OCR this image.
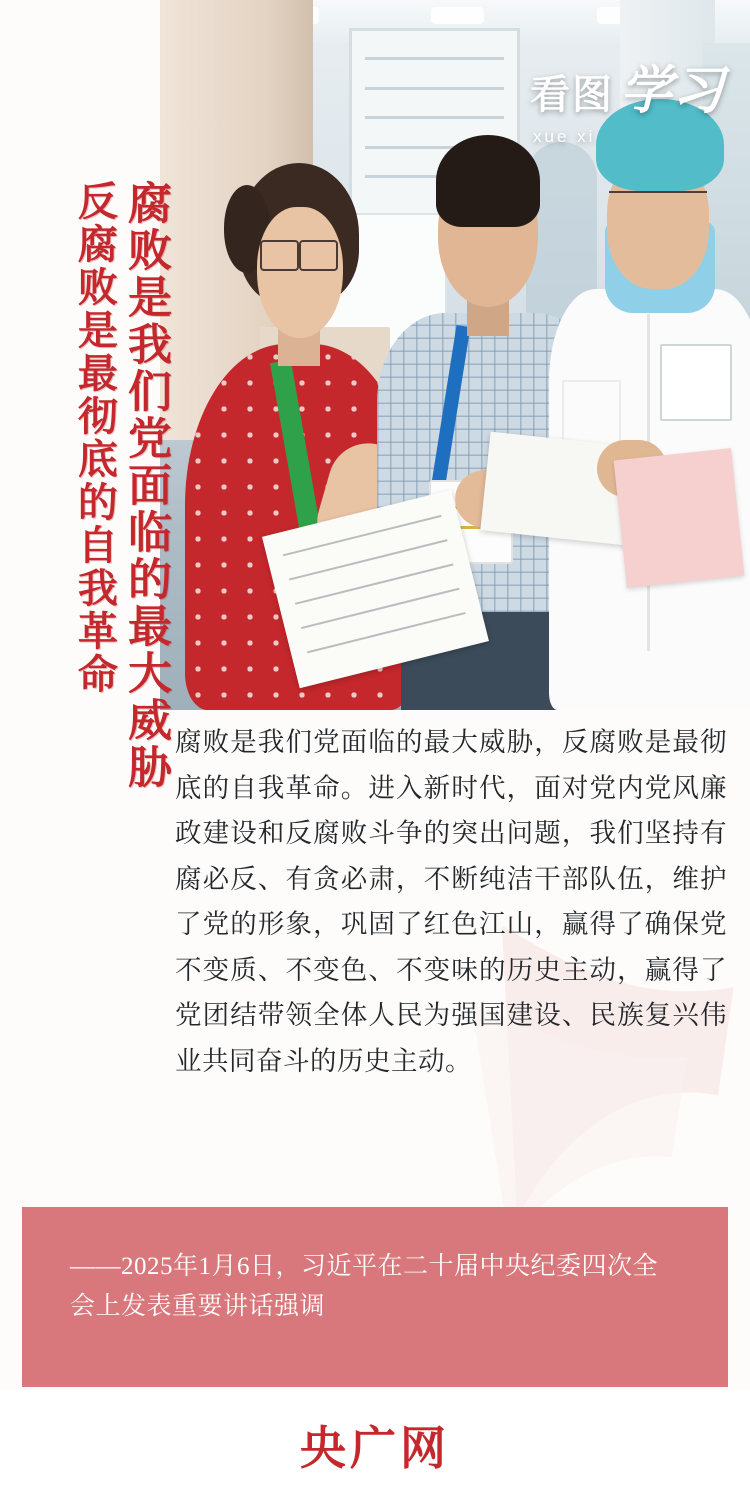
看图 学习
xue xi
腐败是我们党面临的最大威胁
反腐败是最彻底的自我革命
腐败是我们党面临的最大威胁，反腐败是最彻底的自我革命。进入新时代，面对党内党风廉政建设和反腐败斗争的突出问题，我们坚持有腐必反、有贪必肃，不断纯洁干部队伍，维护了党的形象，巩固了红色江山，赢得了确保党不变质、不变色、不变味的历史主动，赢得了党团结带领全体人民为强国建设、民族复兴伟业共同奋斗的历史主动。
——2025年1月6日，习近平在二十届中央纪委四次全会上发表重要讲话强调
央广网
